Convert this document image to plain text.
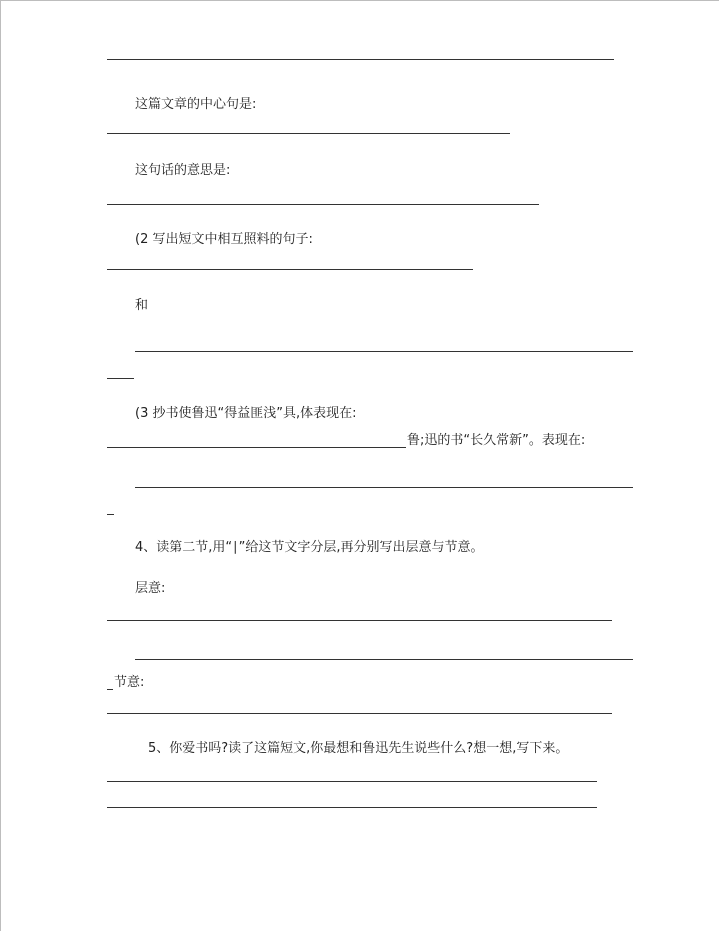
这篇文章的中心句是:
这句话的意思是:
(2 写出短文中相互照料的句子:
和
(3 抄书使鲁迅“得益匪浅”具,体表现在:
鲁;迅的书“长久常新”。表现在:
4、读第二节,用“∣”给这节文字分层,再分别写出层意与节意。
层意:
节意:
5、你爱书吗?读了这篇短文,你最想和鲁迅先生说些什么?想一想,写下来。
